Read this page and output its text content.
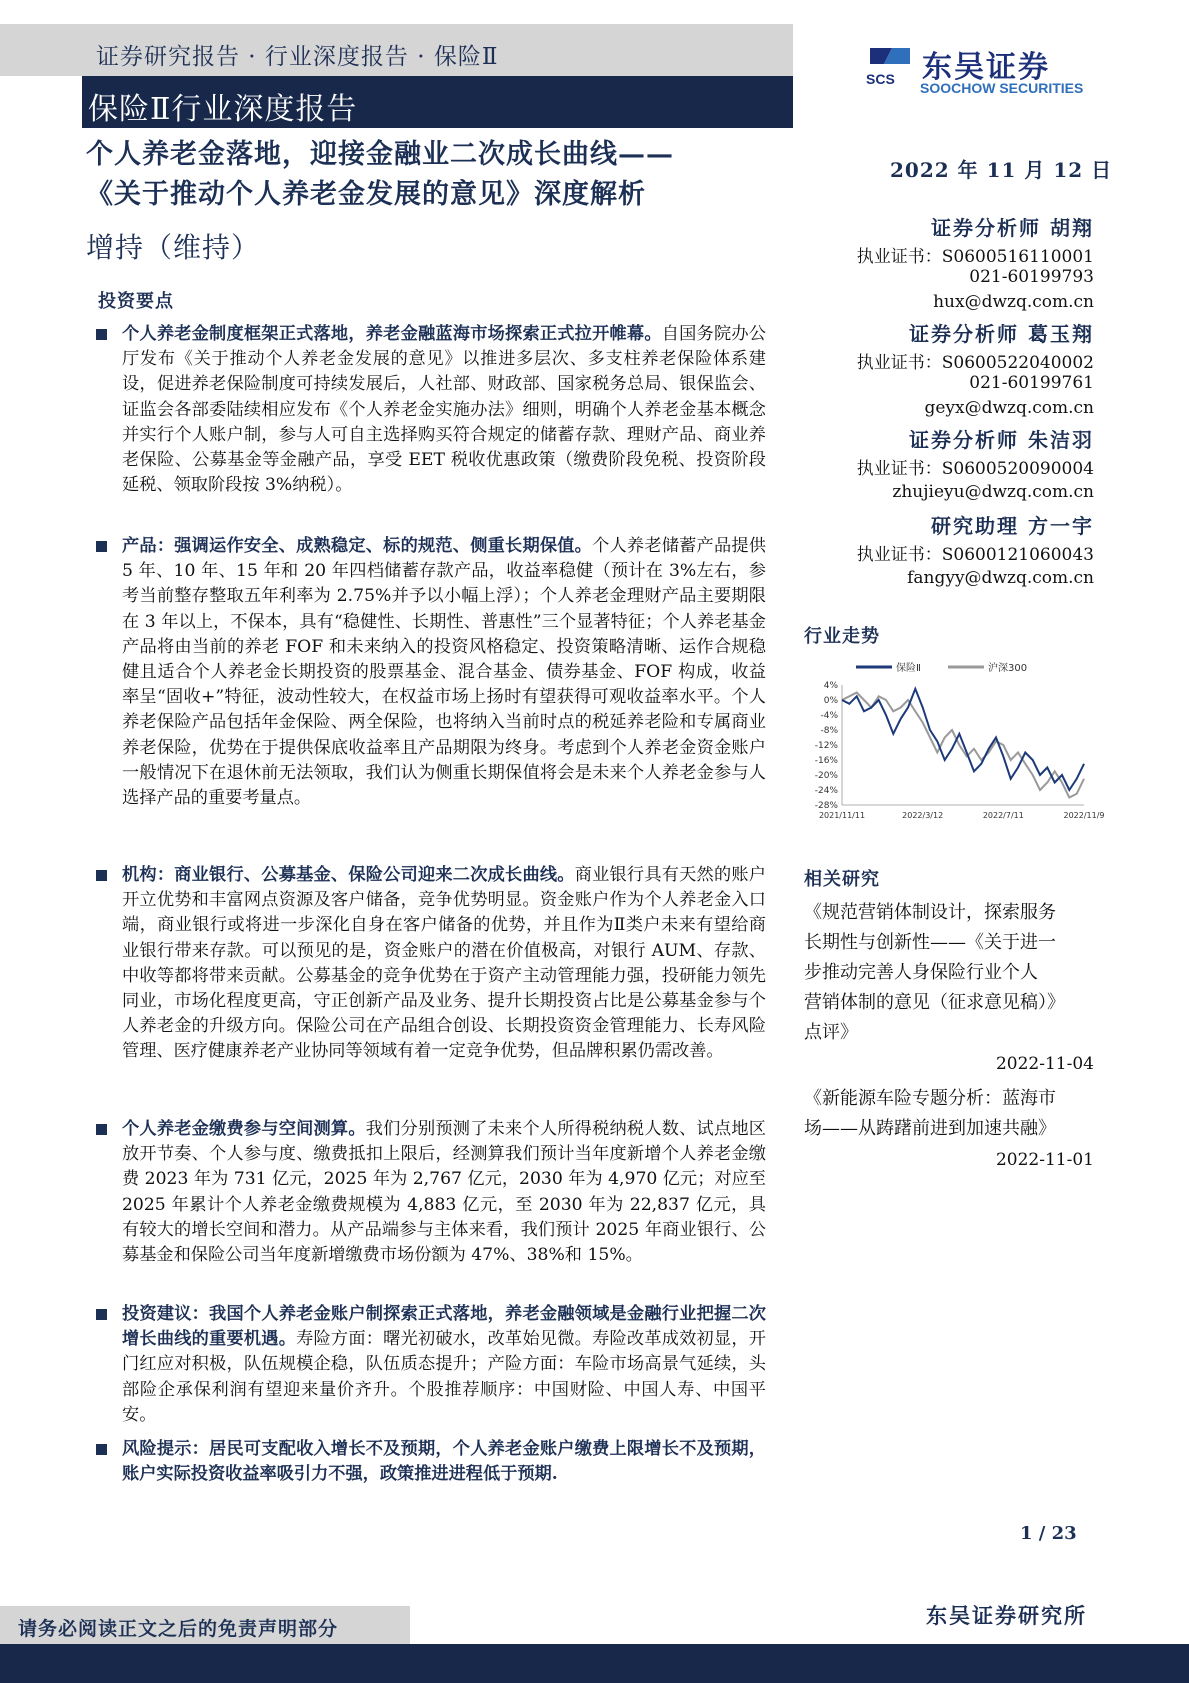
证券研究报告 · 行业深度报告 · 保险Ⅱ
保险Ⅱ行业深度报告
SCS 东吴证券
SOOCHOW SECURITIES
个人养老金落地，迎接金融业二次成长曲线——
《关于推动个人养老金发展的意见》深度解析
增持（维持）
2022 年 11 月 12 日
证券分析师 胡翔
执业证书：S0600516110001
021-60199793
hux@dwzq.com.cn
证券分析师 葛玉翔
执业证书：S0600522040002
021-60199761
geyx@dwzq.com.cn
证券分析师 朱洁羽
执业证书：S0600520090004
zhujieyu@dwzq.com.cn
研究助理 方一宇
执业证书：S0600121060043
fangyy@dwzq.com.cn
投资要点
个人养老金制度框架正式落地，养老金融蓝海市场探索正式拉开帷幕。自国务院办公厅发布《关于推动个人养老金发展的意见》以推进多层次、多支柱养老保险体系建设，促进养老保险制度可持续发展后，人社部、财政部、国家税务总局、银保监会、证监会各部委陆续相应发布《个人养老金实施办法》细则，明确个人养老金基本概念并实行个人账户制，参与人可自主选择购买符合规定的储蓄存款、理财产品、商业养老保险、公募基金等金融产品，享受 EET 税收优惠政策（缴费阶段免税、投资阶段延税、领取阶段按 3%纳税）。
产品：强调运作安全、成熟稳定、标的规范、侧重长期保值。个人养老储蓄产品提供 5 年、10 年、15 年和 20 年四档储蓄存款产品，收益率稳健（预计在 3%左右，参考当前整存整取五年利率为 2.75%并予以小幅上浮）；个人养老金理财产品主要期限在 3 年以上，不保本，具有“稳健性、长期性、普惠性”三个显著特征；个人养老基金产品将由当前的养老 FOF 和未来纳入的投资风格稳定、投资策略清晰、运作合规稳健且适合个人养老金长期投资的股票基金、混合基金、债券基金、FOF 构成，收益率呈“固收+”特征，波动性较大，在权益市场上扬时有望获得可观收益率水平。个人养老保险产品包括年金保险、两全保险，也将纳入当前时点的税延养老险和专属商业养老保险，优势在于提供保底收益率且产品期限为终身。考虑到个人养老金资金账户一般情况下在退休前无法领取，我们认为侧重长期保值将会是未来个人养老金参与人选择产品的重要考量点。
机构：商业银行、公募基金、保险公司迎来二次成长曲线。商业银行具有天然的账户开立优势和丰富网点资源及客户储备，竞争优势明显。资金账户作为个人养老金入口端，商业银行或将进一步深化自身在客户储备的优势，并且作为Ⅱ类户未来有望给商业银行带来存款。可以预见的是，资金账户的潜在价值极高，对银行 AUM、存款、中收等都将带来贡献。公募基金的竞争优势在于资产主动管理能力强，投研能力领先同业，市场化程度更高，守正创新产品及业务、提升长期投资占比是公募基金参与个人养老金的升级方向。保险公司在产品组合创设、长期投资资金管理能力、长寿风险管理、医疗健康养老产业协同等领域有着一定竞争优势，但品牌积累仍需改善。
个人养老金缴费参与空间测算。我们分别预测了未来个人所得税纳税人数、试点地区放开节奏、个人参与度、缴费抵扣上限后，经测算我们预计当年度新增个人养老金缴费 2023 年为 731 亿元，2025 年为 2,767 亿元，2030 年为 4,970 亿元；对应至 2025 年累计个人养老金缴费规模为 4,883 亿元，至 2030 年为 22,837 亿元，具有较大的增长空间和潜力。从产品端参与主体来看，我们预计 2025 年商业银行、公募基金和保险公司当年度新增缴费市场份额为 47%、38%和 15%。
投资建议：我国个人养老金账户制探索正式落地，养老金融领域是金融行业把握二次增长曲线的重要机遇。寿险方面：曙光初破水，改革始见微。寿险改革成效初显，开门红应对积极，队伍规模企稳，队伍质态提升；产险方面：车险市场高景气延续，头部险企承保利润有望迎来量价齐升。个股推荐顺序：中国财险、中国人寿、中国平安。
风险提示：居民可支配收入增长不及预期，个人养老金账户缴费上限增长不及预期，账户实际投资收益率吸引力不强，政策推进进程低于预期.
行业走势
保险Ⅱ	沪深300
4%
0%
-4%
-8%
-12%
-16%
-20%
-24%
-28%
2021/11/11	2022/3/12	2022/7/11	2022/11/9
相关研究
《规范营销体制设计，探索服务
长期性与创新性——《关于进一
步推动完善人身保险行业个人
营销体制的意见（征求意见稿）》
点评》
2022-11-04
《新能源车险专题分析：蓝海市
场——从踌躇前进到加速共融》
2022-11-01
1 / 23
东吴证券研究所
请务必阅读正文之后的免责声明部分
